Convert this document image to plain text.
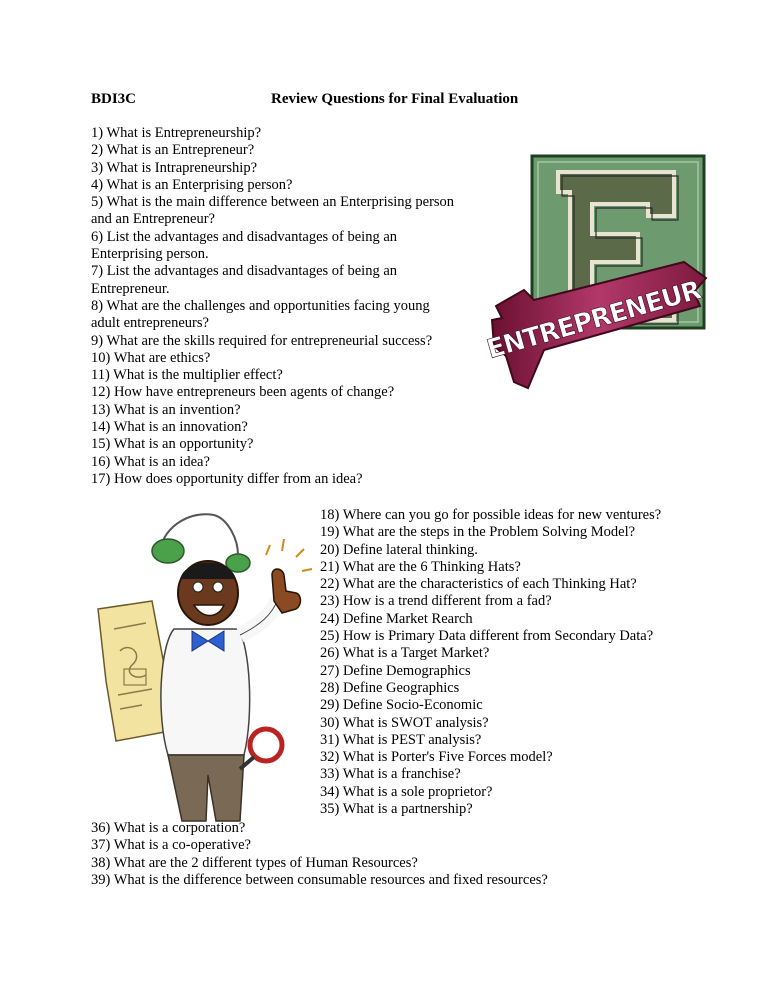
BDI3C	Review Questions for Final Evaluation
1) What is Entrepreneurship?
2) What is an Entrepreneur?
3) What is Intrapreneurship?
4) What is an Enterprising person?
5) What is the main difference between an Enterprising person and an Entrepreneur?
6) List the advantages and disadvantages of being an Enterprising person.
7) List the advantages and disadvantages of being an Entrepreneur.
8) What are the challenges and opportunities facing young adult entrepreneurs?
9) What are the skills required for entrepreneurial success?
10) What are ethics?
11) What is the multiplier effect?
12) How have entrepreneurs been agents of change?
13) What is an invention?
14) What is an innovation?
15) What is an opportunity?
16) What is an idea?
17) How does opportunity differ from an idea?
ENTREPRENEUR
18) Where can you go for possible ideas for new ventures?
19) What are the steps in the Problem Solving Model?
20) Define lateral thinking.
21) What are the 6 Thinking Hats?
22) What are the characteristics of each Thinking Hat?
23) How is a trend different from a fad?
24) Define Market Rearch
25) How is Primary Data different from Secondary Data?
26) What is a Target Market?
27) Define Demographics
28) Define Geographics
29) Define Socio-Economic
30) What is SWOT analysis?
31) What is PEST analysis?
32) What is Porter's Five Forces model?
33) What is a franchise?
34) What is a sole proprietor?
35) What is a partnership?
36) What is a corporation?
37) What is a co-operative?
38) What are the 2 different types of Human Resources?
39) What is the difference between consumable resources and fixed resources?
